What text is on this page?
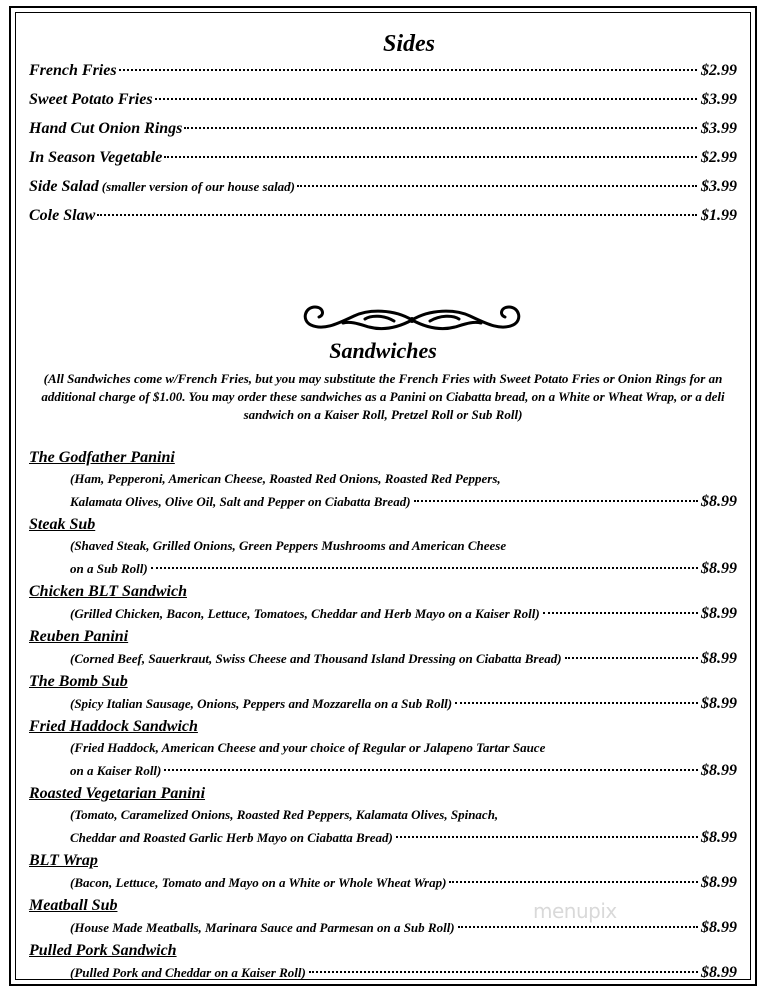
Sides
French Fries	$2.99
Sweet Potato Fries	$3.99
Hand Cut Onion Rings	$3.99
In Season Vegetable	$2.99
Side Salad (smaller version of our house salad)	$3.99
Cole Slaw	$1.99
Sandwiches
(All Sandwiches come w/French Fries, but you may substitute the French Fries with Sweet Potato Fries or Onion Rings for an additional charge of $1.00. You may order these sandwiches as a Panini on Ciabatta bread, on a White or Wheat Wrap, or a deli sandwich on a Kaiser Roll, Pretzel Roll or Sub Roll)
The Godfather Panini
(Ham, Pepperoni, American Cheese, Roasted Red Onions, Roasted Red Peppers,
Kalamata Olives, Olive Oil, Salt and Pepper on Ciabatta Bread)	$8.99
Steak Sub
(Shaved Steak, Grilled Onions, Green Peppers Mushrooms and American Cheese
on a Sub Roll)	$8.99
Chicken BLT Sandwich
(Grilled Chicken, Bacon, Lettuce, Tomatoes, Cheddar and Herb Mayo on a Kaiser Roll)	$8.99
Reuben Panini
(Corned Beef, Sauerkraut, Swiss Cheese and Thousand Island Dressing on Ciabatta Bread)	$8.99
The Bomb Sub
(Spicy Italian Sausage, Onions, Peppers and Mozzarella on a Sub Roll)	$8.99
Fried Haddock Sandwich
(Fried Haddock, American Cheese and your choice of Regular or Jalapeno Tartar Sauce
on a Kaiser Roll)	$8.99
Roasted Vegetarian Panini
(Tomato, Caramelized Onions, Roasted Red Peppers, Kalamata Olives, Spinach,
Cheddar and Roasted Garlic Herb Mayo on Ciabatta Bread)	$8.99
BLT Wrap
(Bacon, Lettuce, Tomato and Mayo on a White or Whole Wheat Wrap)	$8.99
Meatball Sub
(House Made Meatballs, Marinara Sauce and Parmesan on a Sub Roll)	$8.99
Pulled Pork Sandwich
(Pulled Pork and Cheddar on a Kaiser Roll)	$8.99
menupix
